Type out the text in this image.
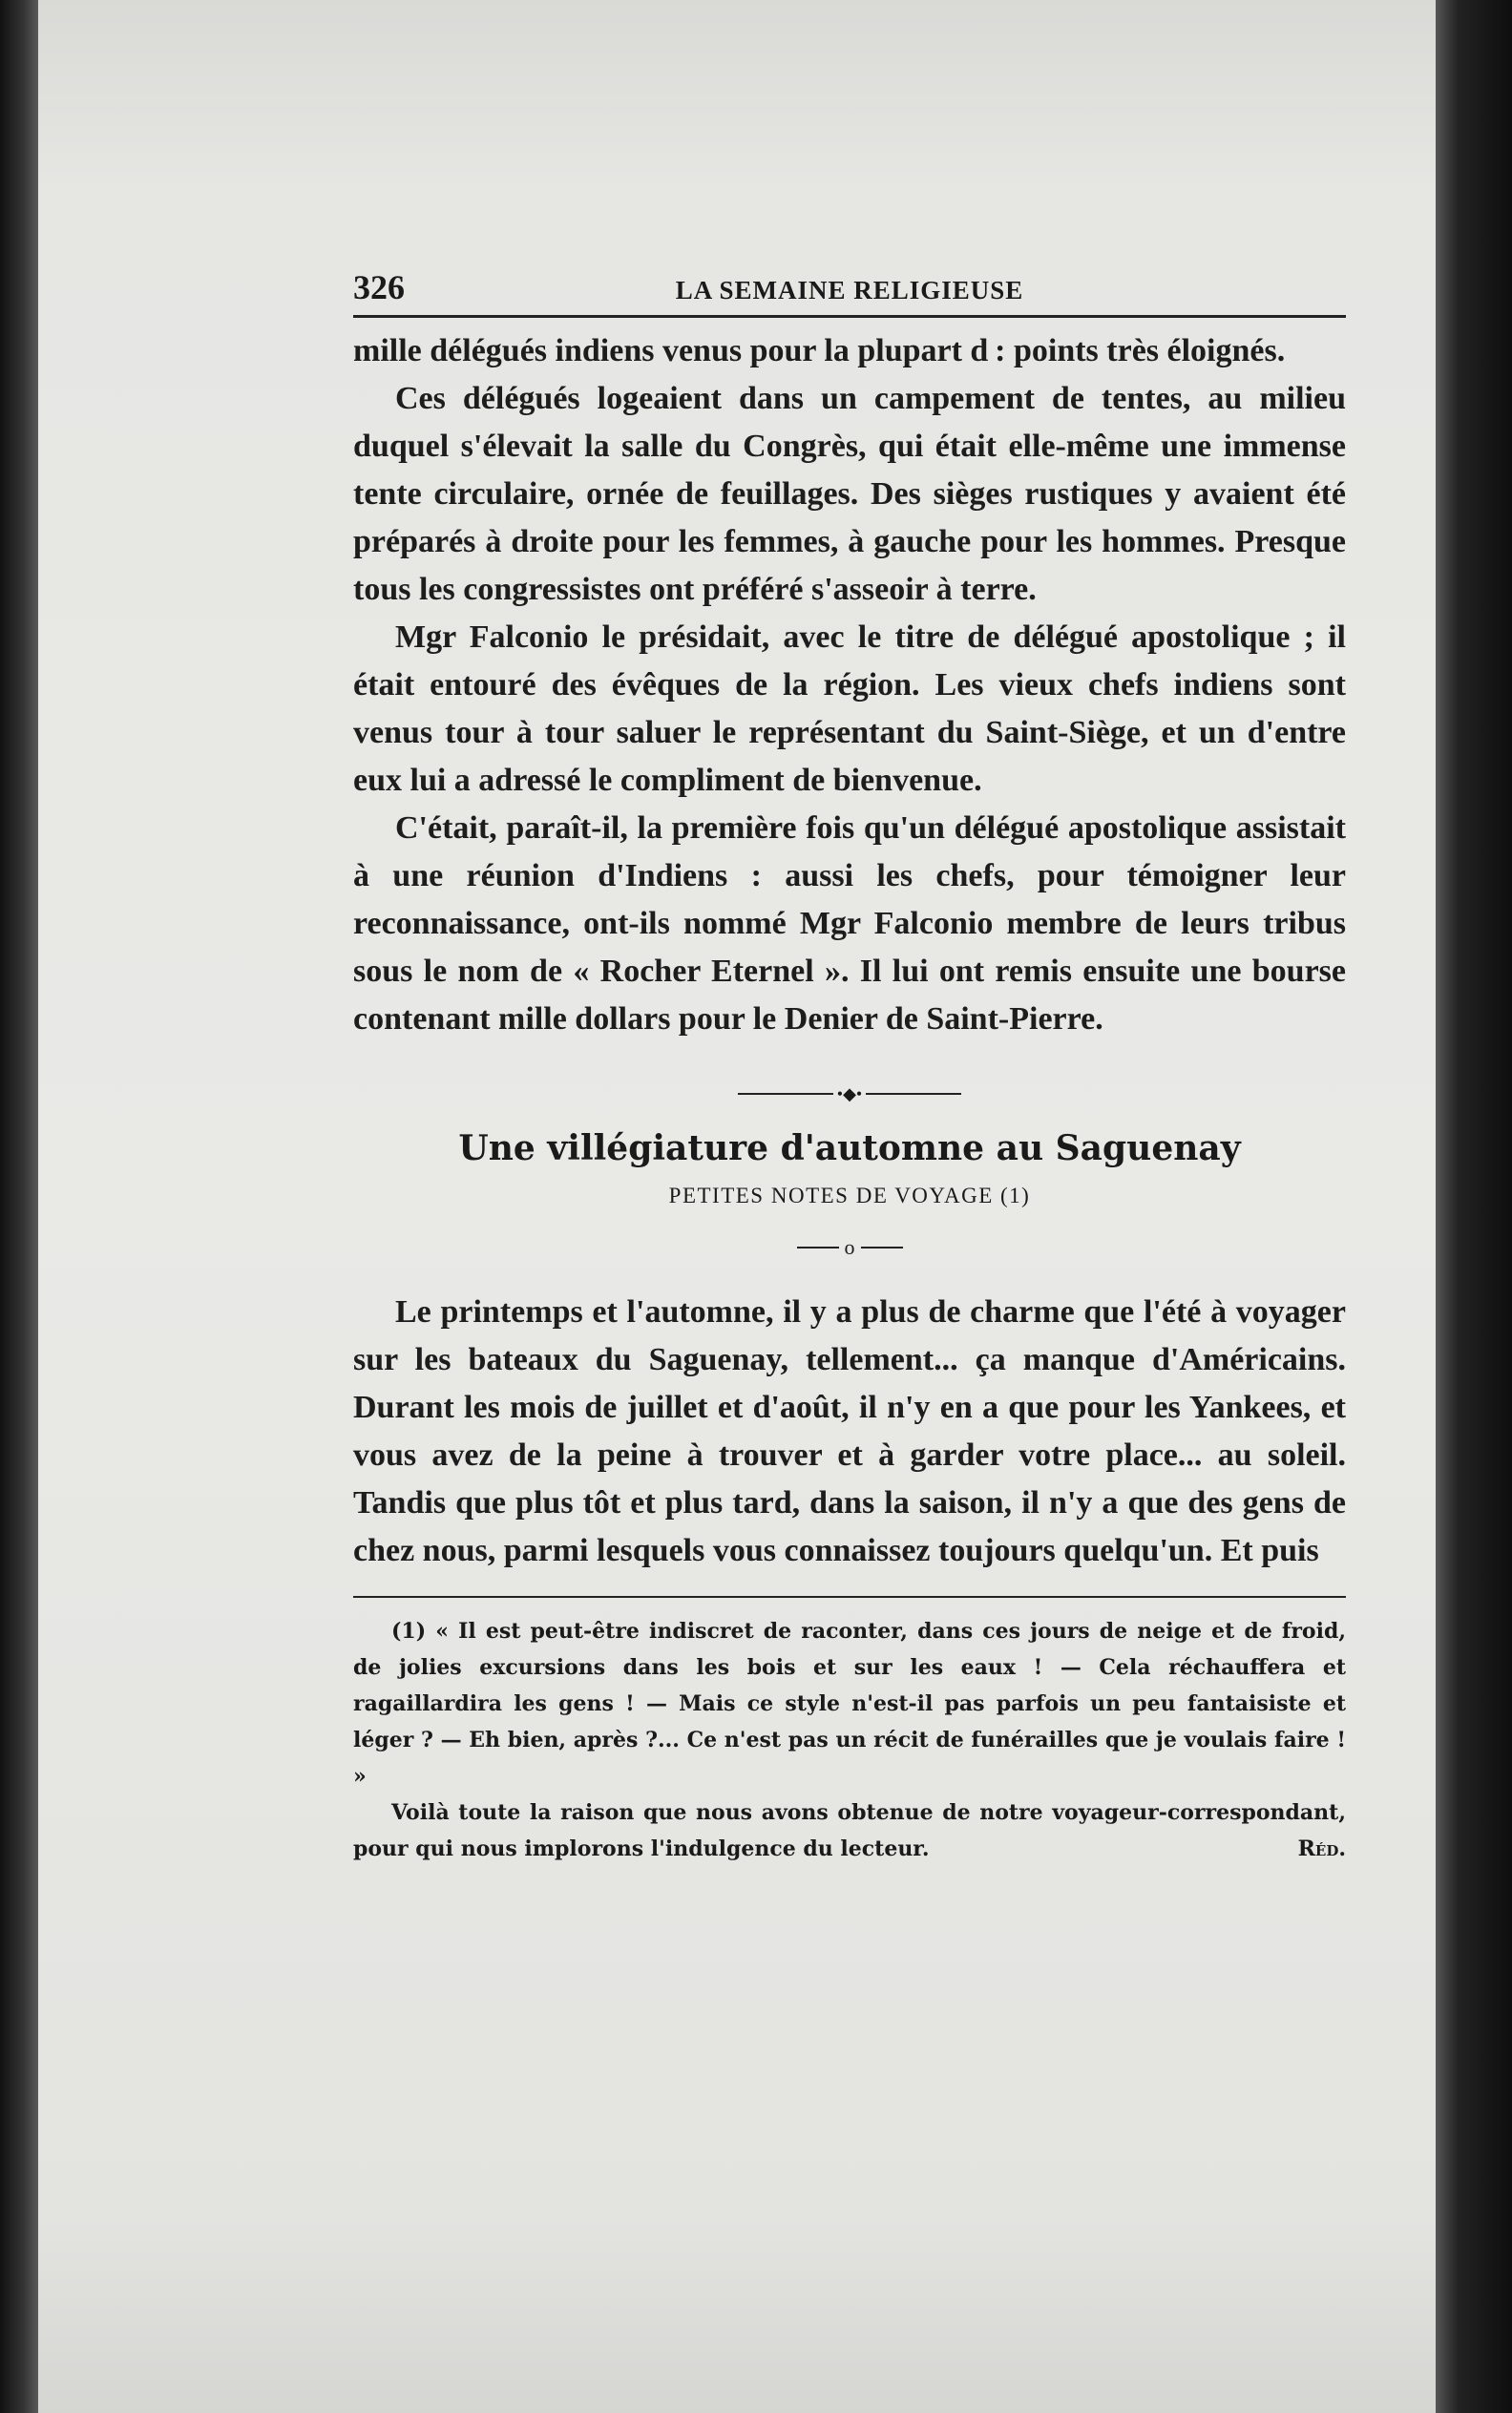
326	LA SEMAINE RELIGIEUSE

mille délégués indiens venus pour la plupart d : points très éloignés.

Ces délégués logeaient dans un campement de tentes, au milieu duquel s'élevait la salle du Congrès, qui était elle-même une immense tente circulaire, ornée de feuillages. Des sièges rustiques y avaient été préparés à droite pour les femmes, à gauche pour les hommes. Presque tous les congressistes ont préféré s'asseoir à terre.

Mgr Falconio le présidait, avec le titre de délégué apostolique ; il était entouré des évêques de la région. Les vieux chefs indiens sont venus tour à tour saluer le représentant du Saint-Siège, et un d'entre eux lui a adressé le compliment de bienvenue.

C'était, paraît-il, la première fois qu'un délégué apostolique assistait à une réunion d'Indiens : aussi les chefs, pour témoigner leur reconnaissance, ont-ils nommé Mgr Falconio membre de leurs tribus sous le nom de « Rocher Eternel ». Il lui ont remis ensuite une bourse contenant mille dollars pour le Denier de Saint-Pierre.

•◆•
Une villégiature d'automne au Saguenay
PETITES NOTES DE VOYAGE (1)
o

Le printemps et l'automne, il y a plus de charme que l'été à voyager sur les bateaux du Saguenay, tellement... ça manque d'Américains. Durant les mois de juillet et d'août, il n'y en a que pour les Yankees, et vous avez de la peine à trouver et à garder votre place... au soleil. Tandis que plus tôt et plus tard, dans la saison, il n'y a que des gens de chez nous, parmi lesquels vous connaissez toujours quelqu'un. Et puis

(1) « Il est peut-être indiscret de raconter, dans ces jours de neige et de froid, de jolies excursions dans les bois et sur les eaux ! — Cela réchauffera et ragaillardira les gens ! — Mais ce style n'est-il pas parfois un peu fantaisiste et léger ? — Eh bien, après ?... Ce n'est pas un récit de funérailles que je voulais faire ! »

Voilà toute la raison que nous avons obtenue de notre voyageur-correspondant, pour qui nous implorons l'indulgence du lecteur.	Réd.
